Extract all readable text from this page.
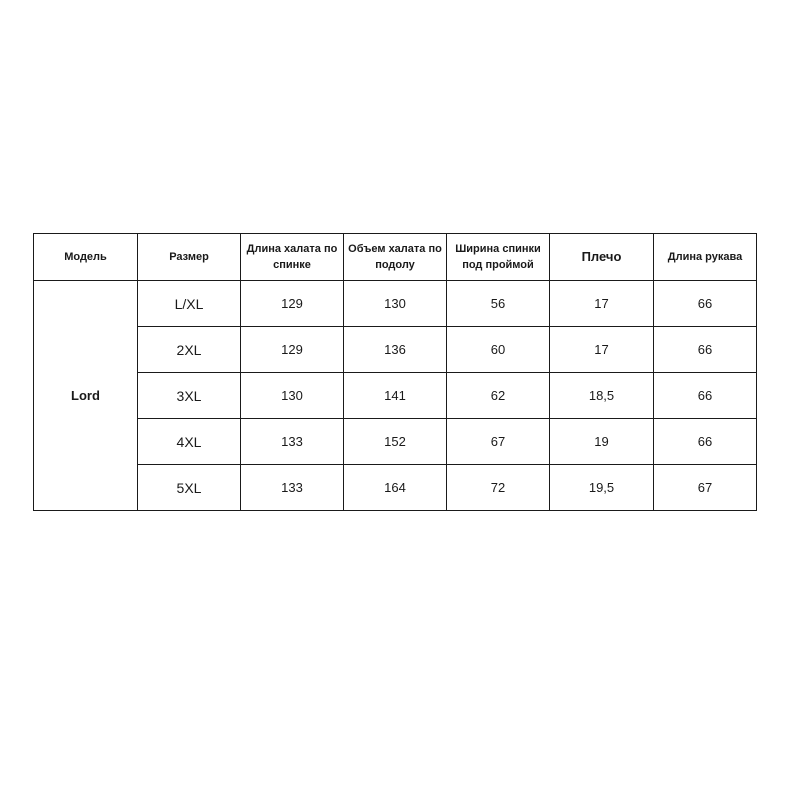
Модель	Размер	Длина халата по спинке	Объем халата по подолу	Ширина спинки под проймой	Плечо	Длина рукава
Lord	L/XL	129	130	56	17	66
	2XL	129	136	60	17	66
	3XL	130	141	62	18,5	66
	4XL	133	152	67	19	66
	5XL	133	164	72	19,5	67
